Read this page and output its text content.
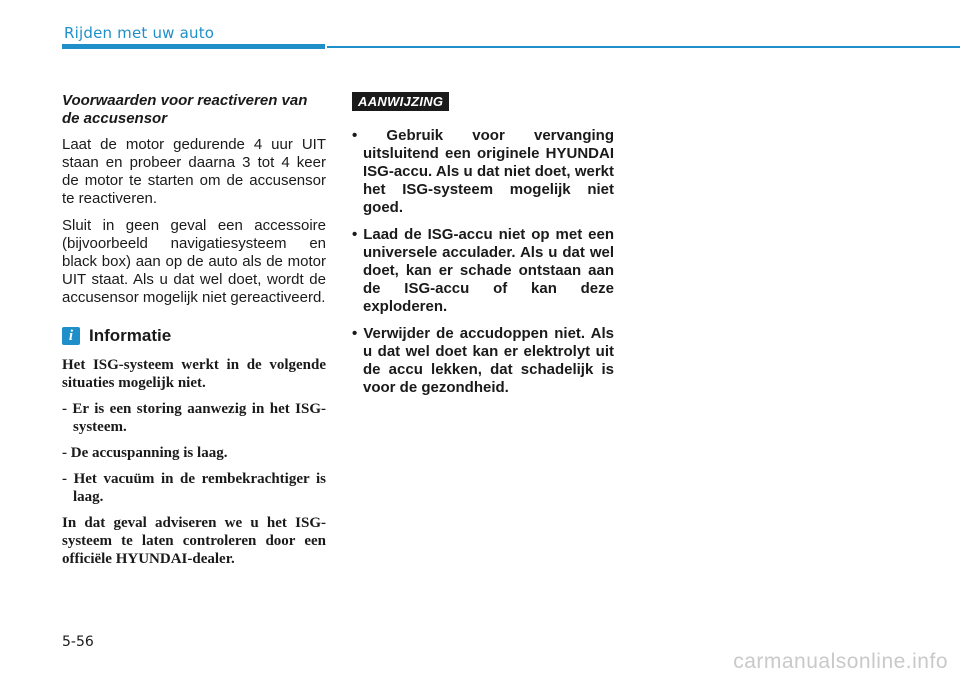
Rijden met uw auto
Voorwaarden voor reactiveren van de accusensor

Laat de motor gedurende 4 uur UIT staan en probeer daarna 3 tot 4 keer de motor te starten om de accusensor te reactiveren.

Sluit in geen geval een accessoire (bijvoorbeeld navigatiesysteem en black box) aan op de auto als de motor UIT staat. Als u dat wel doet, wordt de accusensor mogelijk niet gereactiveerd.

i Informatie

Het ISG-systeem werkt in de volgende situaties mogelijk niet.

- Er is een storing aanwezig in het ISG-systeem.

- De accuspanning is laag.

- Het vacuüm in de rembekrachtiger is laag.

In dat geval adviseren we u het ISG-systeem te laten controleren door een officiële HYUNDAI-dealer.

AANWIJZING

• Gebruik voor vervanging uitsluitend een originele HYUNDAI ISG-accu. Als u dat niet doet, werkt het ISG-systeem mogelijk niet goed.

• Laad de ISG-accu niet op met een universele acculader. Als u dat wel doet, kan er schade ontstaan aan de ISG-accu of kan deze exploderen.

• Verwijder de accudoppen niet. Als u dat wel doet kan er elektrolyt uit de accu lekken, dat schadelijk is voor de gezondheid.

5-56
carmanualsonline.info
